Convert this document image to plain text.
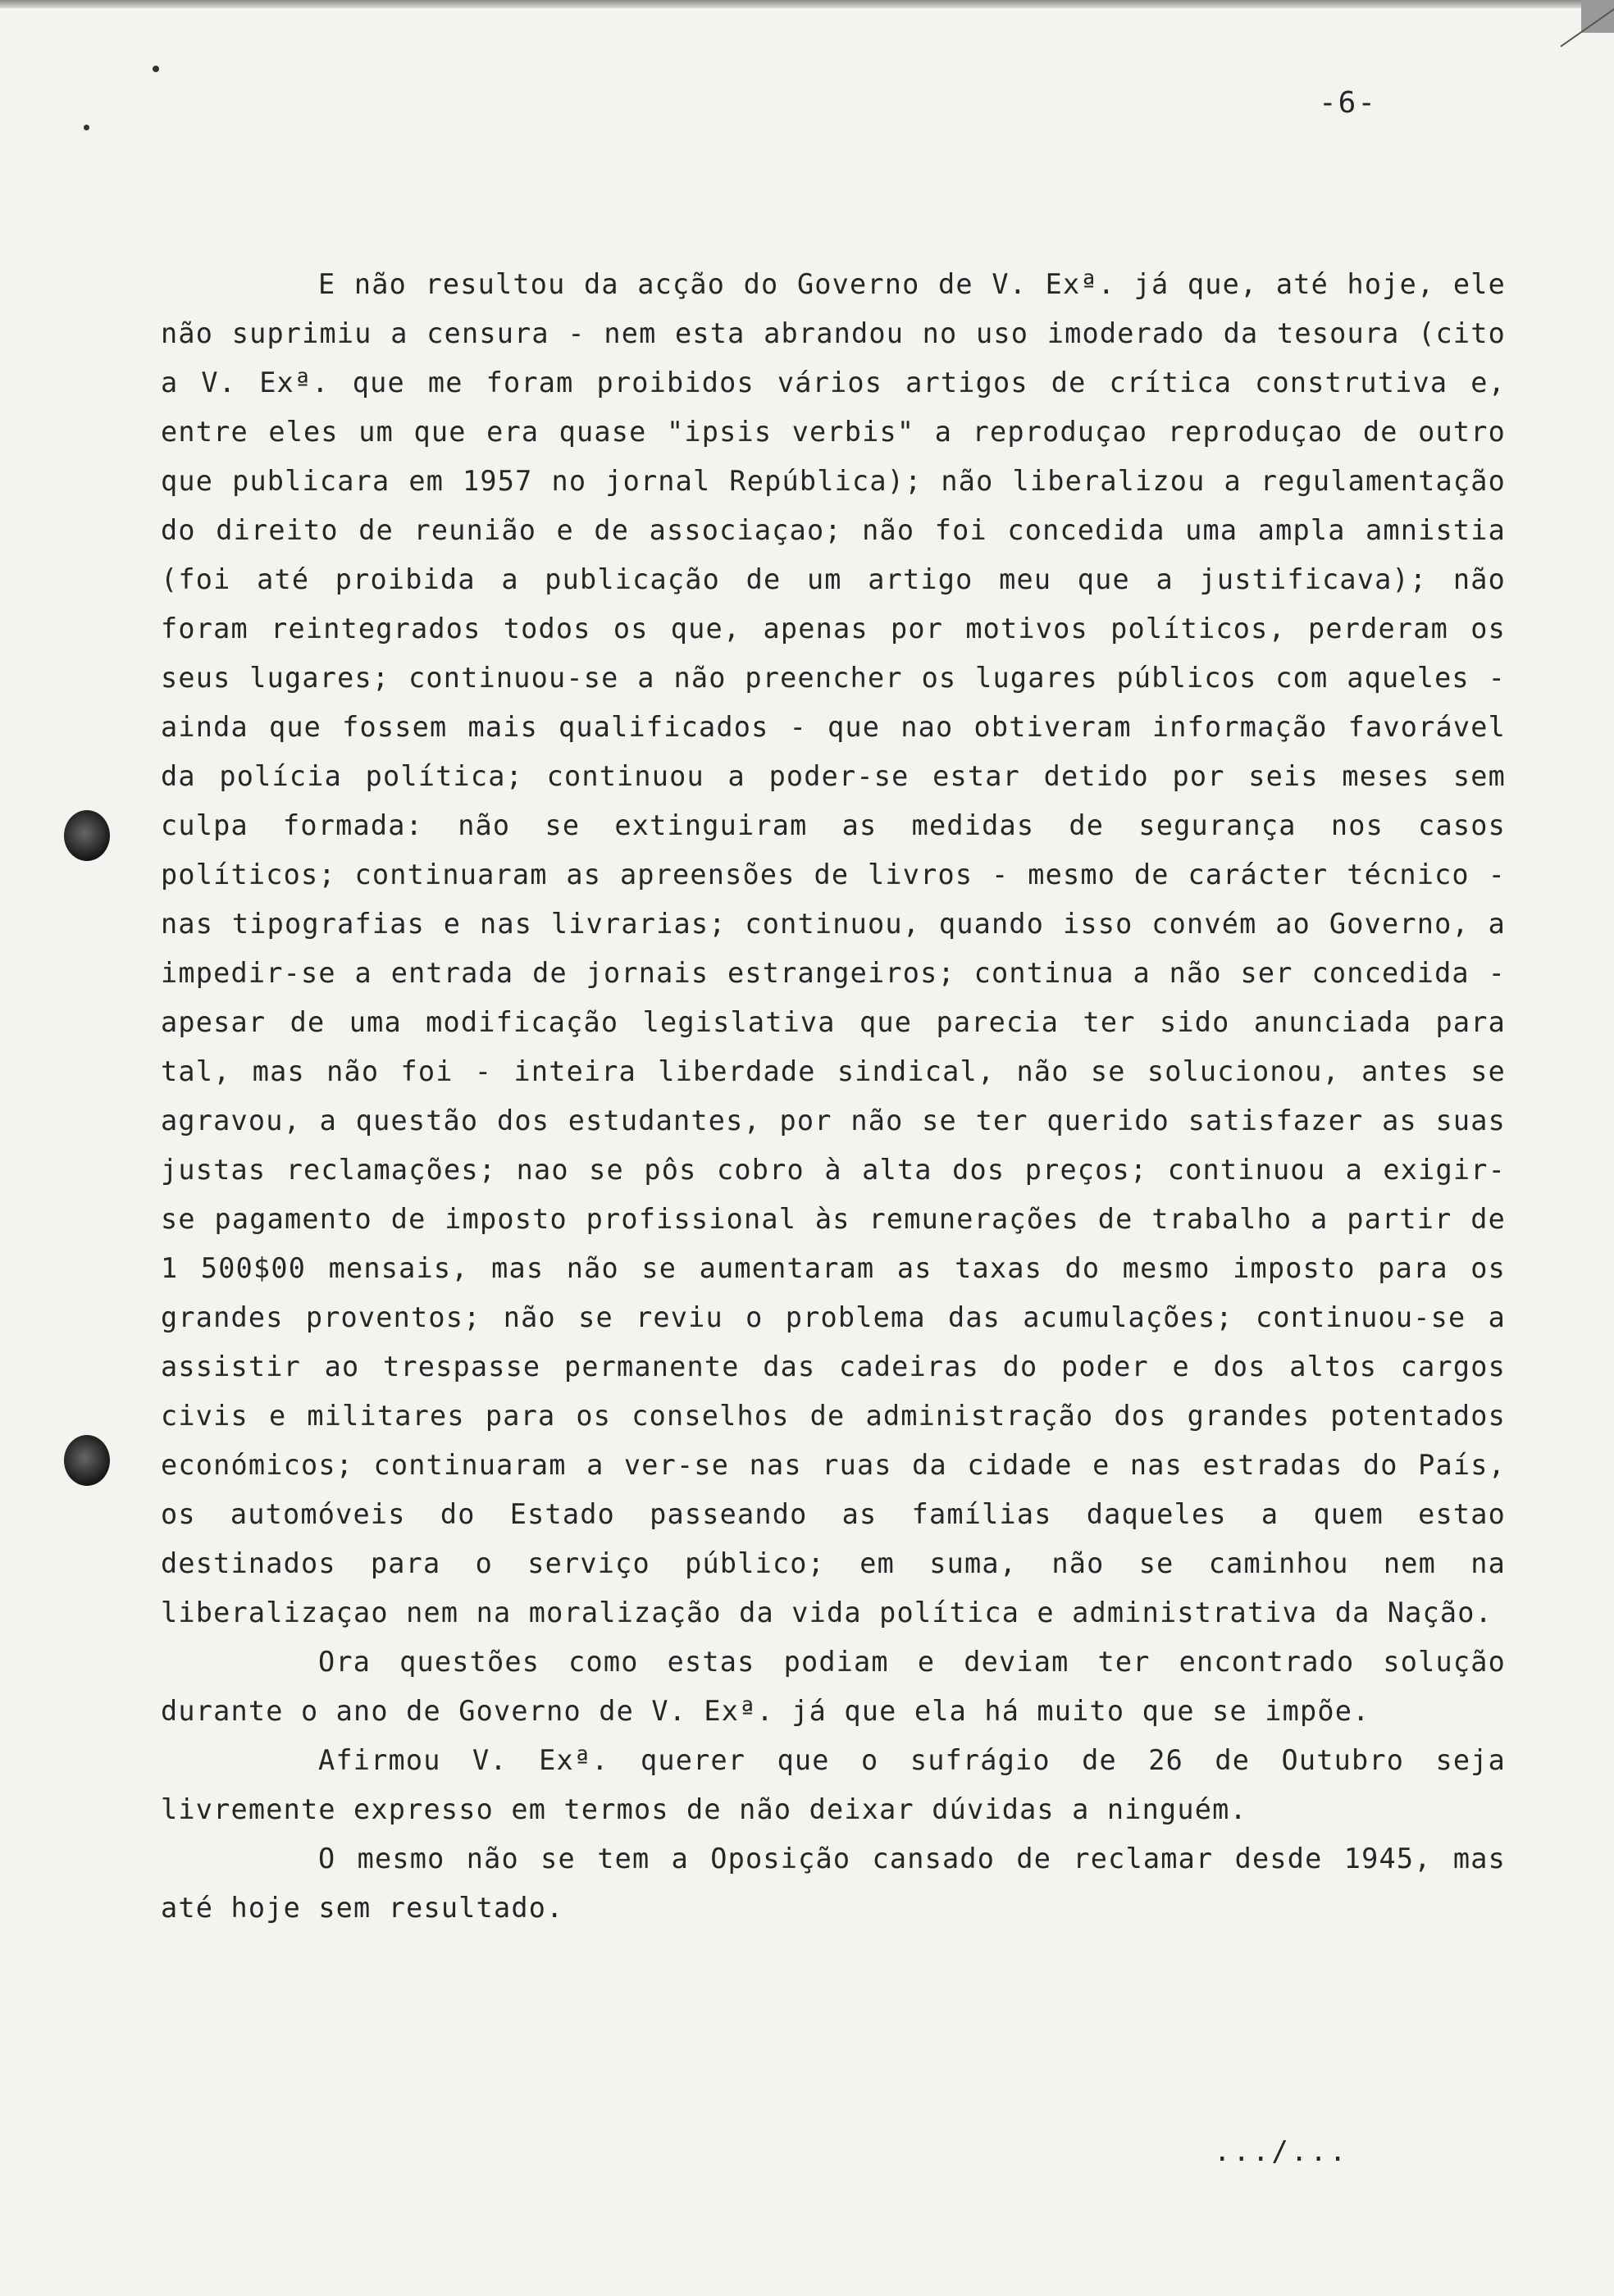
-6-

E não resultou da acção do Governo de V. Exª. já que, até hoje, ele não suprimiu a censura - nem esta abrandou no uso imoderado da tesoura (cito a V. Exª. que me foram proibidos vários artigos de crítica construtiva e, entre eles um que era quase "ipsis verbis" a reproduçao reproduçao de outro que publicara em 1957 no jornal República); não liberalizou a regulamentação do direito de reunião e de associaçao; não foi concedida uma ampla amnistia (foi até proibida a publicação de um artigo meu que a justificava); não foram reintegrados todos os que, apenas por motivos políticos, perderam os seus lugares; continuou-se a não preencher os lugares públicos com aqueles - ainda que fossem mais qualificados - que nao obtiveram informação favorável da polícia política; continuou a poder-se estar detido por seis meses sem culpa formada: não se extinguiram as medidas de segurança nos casos políticos; continuaram as apreensões de livros - mesmo de carácter técnico - nas tipografias e nas livrarias; continuou, quando isso convém ao Governo, a impedir-se a entrada de jornais estrangeiros; continua a não ser concedida - apesar de uma modificação legislativa que parecia ter sido anunciada para tal, mas não foi - inteira liberdade sindical, não se solucionou, antes se agravou, a questão dos estudantes, por não se ter querido satisfazer as suas justas reclamações; nao se pôs cobro à alta dos preços; continuou a exigir-se pagamento de imposto profissional às remunerações de trabalho a partir de 1 500$00 mensais, mas não se aumentaram as taxas do mesmo imposto para os grandes proventos; não se reviu o problema das acumulações; continuou-se a assistir ao trespasse permanente das cadeiras do poder e dos altos cargos civis e militares para os conselhos de administração dos grandes potentados económicos; continuaram a ver-se nas ruas da cidade e nas estradas do País, os automóveis do Estado passeando as famílias daqueles a quem estao destinados para o serviço público; em suma, não se caminhou nem na liberalizaçao nem na moralização da vida política e administrativa da Nação.

Ora questões como estas podiam e deviam ter encontrado solução durante o ano de Governo de V. Exª. já que ela há muito que se impõe.

Afirmou V. Exª. querer que o sufrágio de 26 de Outubro seja livremente expresso em termos de não deixar dúvidas a ninguém.

O mesmo não se tem a Oposição cansado de reclamar desde 1945, mas até hoje sem resultado.

.../...
